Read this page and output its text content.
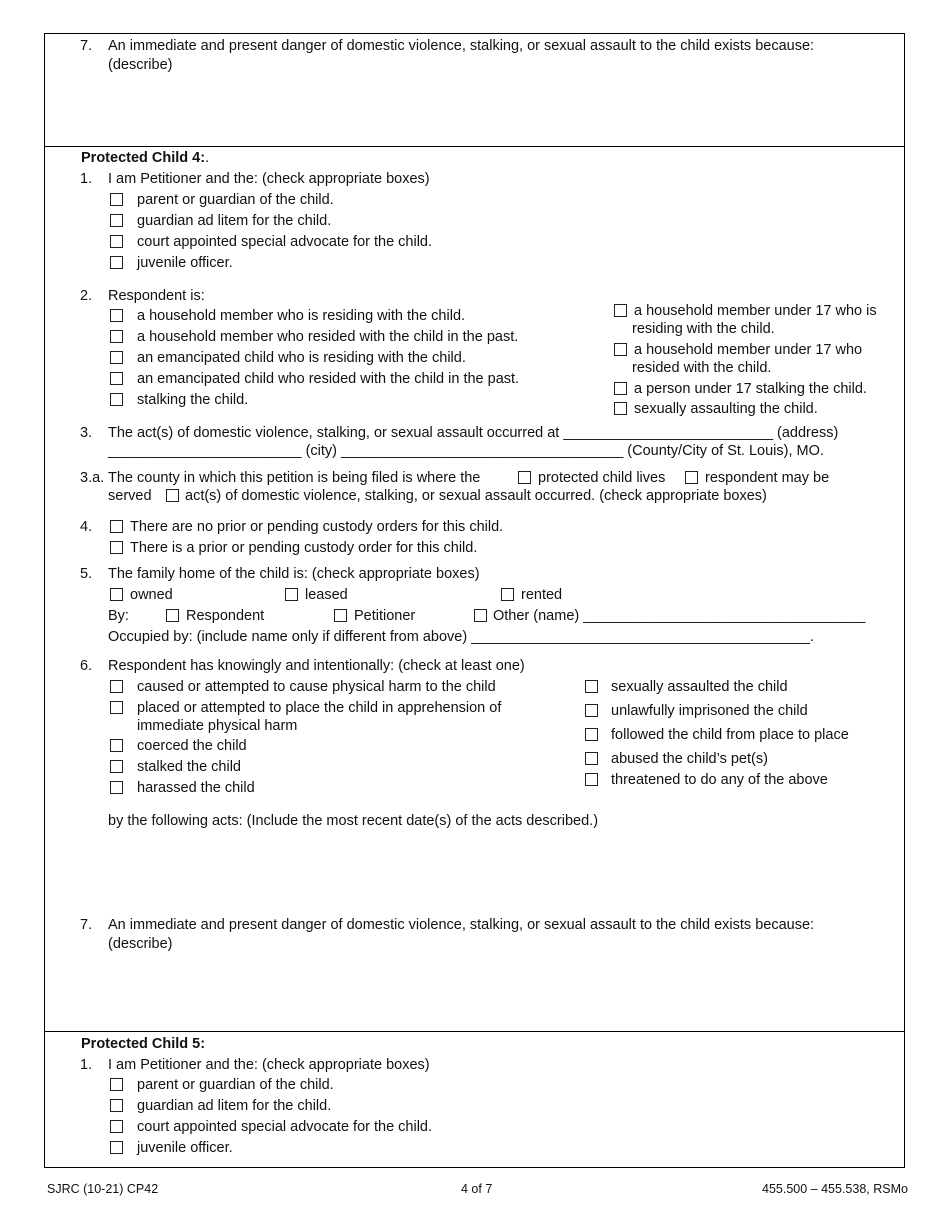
7. An immediate and present danger of domestic violence, stalking, or sexual assault to the child exists because:
(describe)
Protected Child 4:.
1. I am Petitioner and the: (check appropriate boxes)
parent or guardian of the child.
guardian ad litem for the child.
court appointed special advocate for the child.
juvenile officer.
2. Respondent is:
a household member who is residing with the child.
a household member who resided with the child in the past.
an emancipated child who is residing with the child.
an emancipated child who resided with the child in the past.
stalking the child.
a household member under 17 who is
residing with the child.
a household member under 17 who
resided with the child.
a person under 17 stalking the child.
sexually assaulting the child.
3. The act(s) of domestic violence, stalking, or sexual assault occurred at __________________________ (address)
________________________ (city) ___________________________________ (County/City of St. Louis), MO.
3.a. The county in which this petition is being filed is where the	protected child lives	respondent may be
served act(s) of domestic violence, stalking, or sexual assault occurred. (check appropriate boxes)
4.	There are no prior or pending custody orders for this child.
There is a prior or pending custody order for this child.
5. The family home of the child is: (check appropriate boxes)
owned	leased	rented
By:	Respondent	Petitioner	Other (name) ___________________________________
Occupied by: (include name only if different from above) __________________________________________.
6. Respondent has knowingly and intentionally: (check at least one)
caused or attempted to cause physical harm to the child
placed or attempted to place the child in apprehension of
immediate physical harm
coerced the child
stalked the child
harassed the child
sexually assaulted the child
unlawfully imprisoned the child
followed the child from place to place
abused the child’s pet(s)
threatened to do any of the above
by the following acts: (Include the most recent date(s) of the acts described.)
7. An immediate and present danger of domestic violence, stalking, or sexual assault to the child exists because:
(describe)
Protected Child 5:
1. I am Petitioner and the: (check appropriate boxes)
parent or guardian of the child.
guardian ad litem for the child.
court appointed special advocate for the child.
juvenile officer.
SJRC (10-21) CP42	4 of 7	455.500 – 455.538, RSMo
